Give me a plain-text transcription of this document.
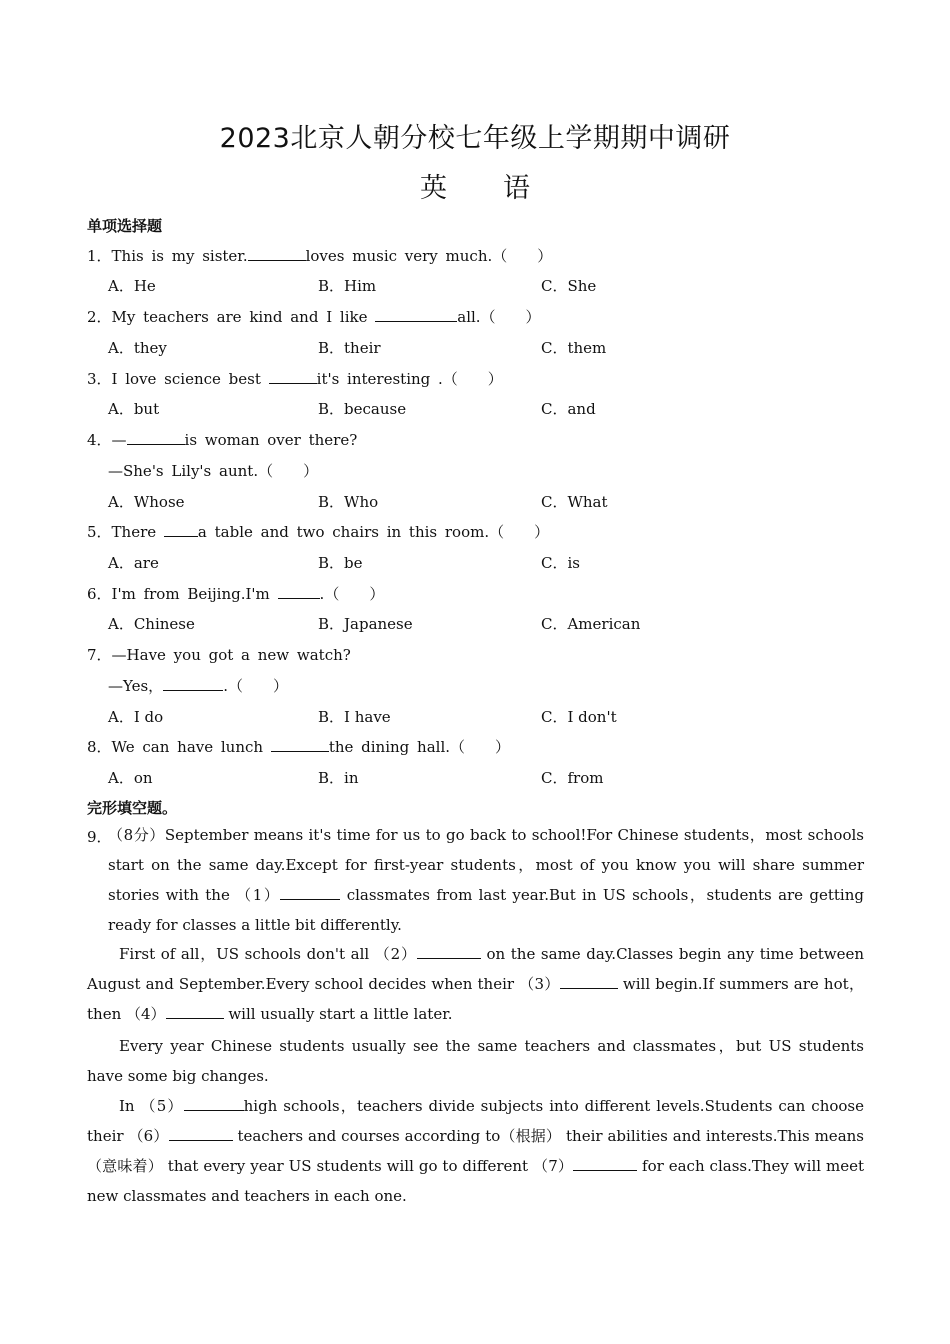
2023北京人朝分校七年级上学期期中调研
英 语
单项选择题
1．This is my sister.	loves music very much.（　　）
A．He	B．Him	C．She
2．My teachers are kind and I like	all.（　　）
A．they	B．their	C．them
3．I love science best	it's interesting .（　　）
A．but	B．because	C．and
4．—	is woman over there?
—She's Lily's aunt.（　　）
A．Whose	B．Who	C．What
5．There a table and two chairs in this room.（　　）
A．are	B．be	C．is
6．I'm from Beijing.I'm	.（　　）
A．Chinese	B．Japanese	C．American
7．—Have you got a new watch?
—Yes，	.（　　）
A．I do	B．I have	C．I don't
8．We can have lunch	the dining hall.（　　）
A．on	B．in	C．from
完形填空题。
9．
（8分）September means it's time for us to go back to school!For Chinese students，most schools start on the same day.Except for first‐year students，most of you know you will share summer stories with the （1）	classmates from last year.But in US schools，students are getting ready for classes a little bit differently.
First of all，US schools don't all （2）	on the same day.Classes begin any time between August and September.Every school decides when their （3）	will begin.If summers are hot，then （4）	will usually start a little later.
Every year Chinese students usually see the same teachers and classmates，but US students have some big changes.
In （5）	high schools，teachers divide subjects into different levels.Students can choose their （6）	teachers and courses according to（根据） their abilities and interests.This means（意味着） that every year US students will go to different （7）	for each class.They will meet new classmates and teachers in each one.
